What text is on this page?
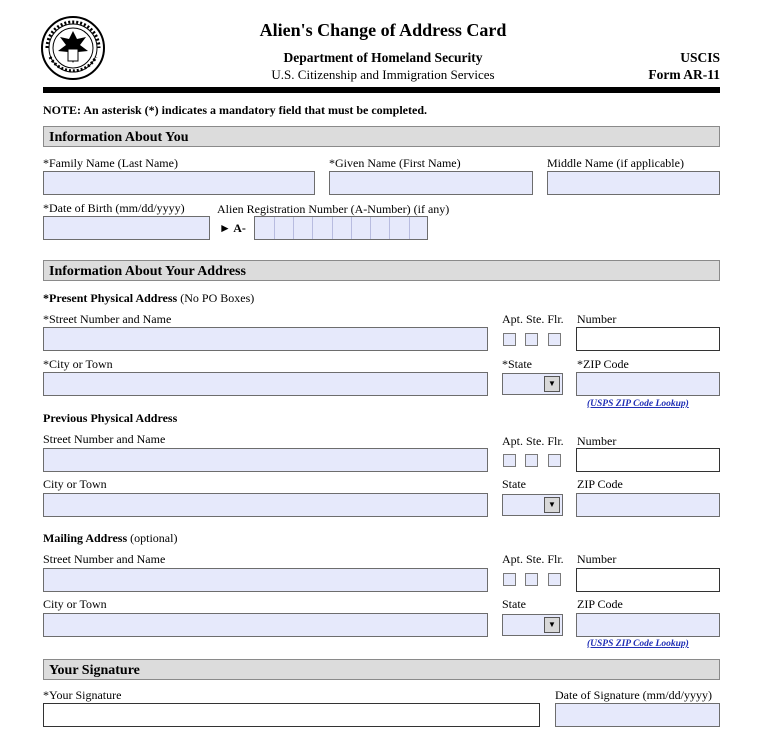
Alien's Change of Address Card
Department of Homeland Security
U.S. Citizenship and Immigration Services
USCIS
Form AR-11
NOTE: An asterisk (*) indicates a mandatory field that must be completed.
Information About You
*Family Name (Last Name)	*Given Name (First Name)	Middle Name (if applicable)
*Date of Birth (mm/dd/yyyy)	Alien Registration Number (A-Number) (if any)
► A-
Information About Your Address
*Present Physical Address (No PO Boxes)
*Street Number and Name	Apt. Ste. Flr. Number
*City or Town	*State	*ZIP Code
▼
(USPS ZIP Code Lookup)
Previous Physical Address
Street Number and Name	Apt. Ste. Flr. Number
City or Town	State	ZIP Code
▼
Mailing Address (optional)
Street Number and Name	Apt. Ste. Flr. Number
City or Town	State	ZIP Code
▼
(USPS ZIP Code Lookup)
Your Signature
*Your Signature	Date of Signature (mm/dd/yyyy)
